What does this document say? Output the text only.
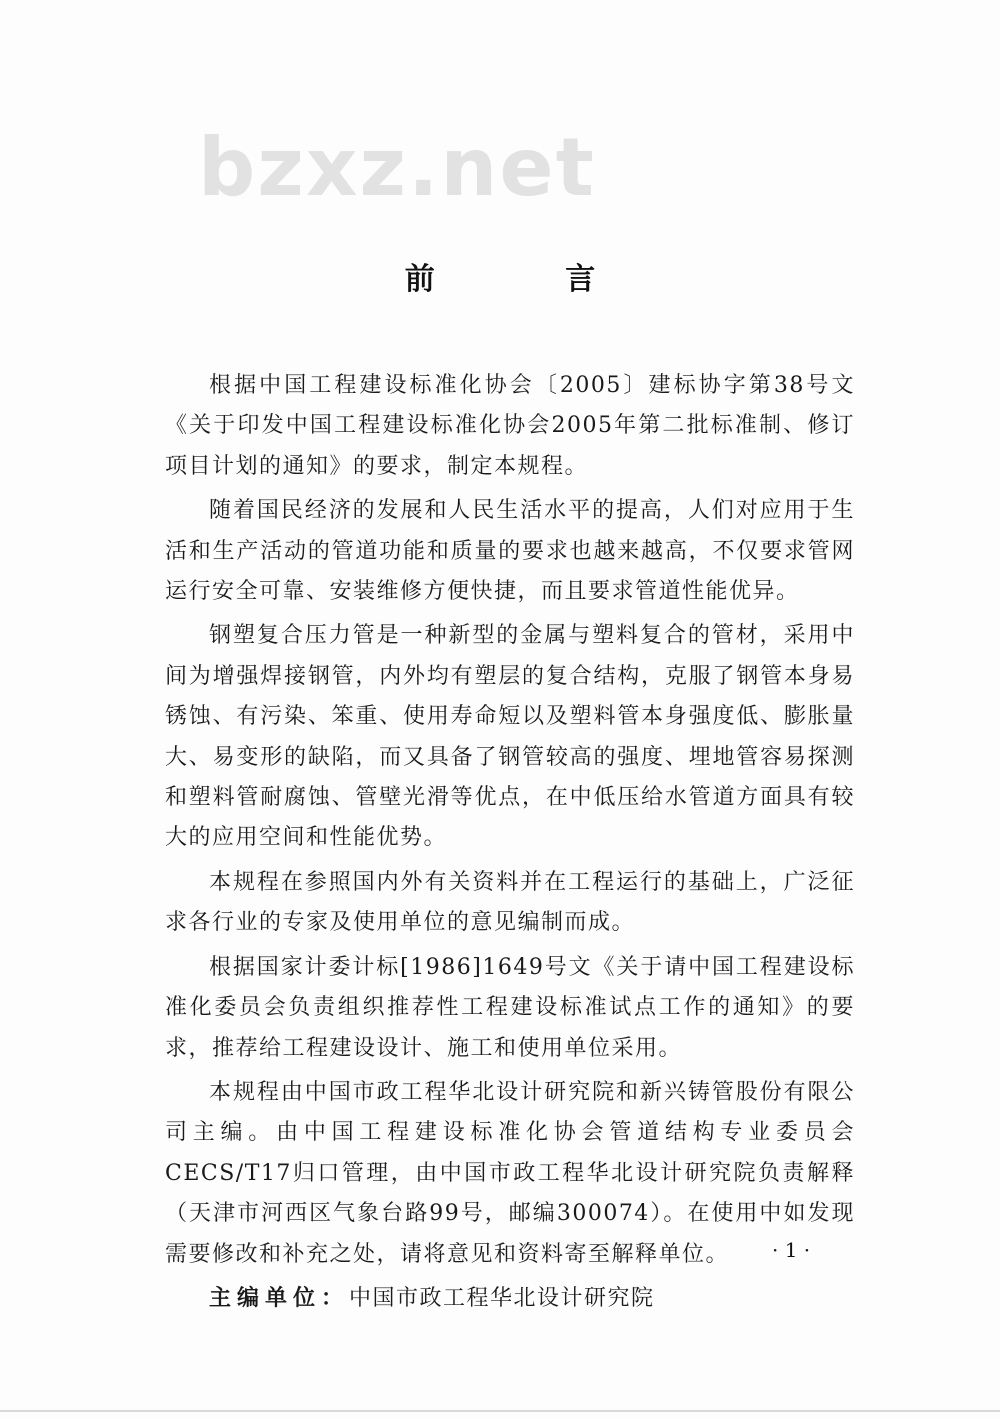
bzxz.net
前 言

根据中国工程建设标准化协会〔2005〕建标协字第38号文《关于印发中国工程建设标准化协会2005年第二批标准制、修订项目计划的通知》的要求，制定本规程。

随着国民经济的发展和人民生活水平的提高，人们对应用于生活和生产活动的管道功能和质量的要求也越来越高，不仅要求管网运行安全可靠、安装维修方便快捷，而且要求管道性能优异。

钢塑复合压力管是一种新型的金属与塑料复合的管材，采用中间为增强焊接钢管，内外均有塑层的复合结构，克服了钢管本身易锈蚀、有污染、笨重、使用寿命短以及塑料管本身强度低、膨胀量大、易变形的缺陷，而又具备了钢管较高的强度、埋地管容易探测和塑料管耐腐蚀、管壁光滑等优点，在中低压给水管道方面具有较大的应用空间和性能优势。

本规程在参照国内外有关资料并在工程运行的基础上，广泛征求各行业的专家及使用单位的意见编制而成。

根据国家计委计标[1986]1649号文《关于请中国工程建设标准化委员会负责组织推荐性工程建设标准试点工作的通知》的要求，推荐给工程建设设计、施工和使用单位采用。

本规程由中国市政工程华北设计研究院和新兴铸管股份有限公司主编。由中国工程建设标准化协会管道结构专业委员会CECS/T17归口管理，由中国市政工程华北设计研究院负责解释（天津市河西区气象台路99号，邮编300074）。在使用中如发现需要修改和补充之处，请将意见和资料寄至解释单位。

主编单位：中国市政工程华北设计研究院

· 1 ·
